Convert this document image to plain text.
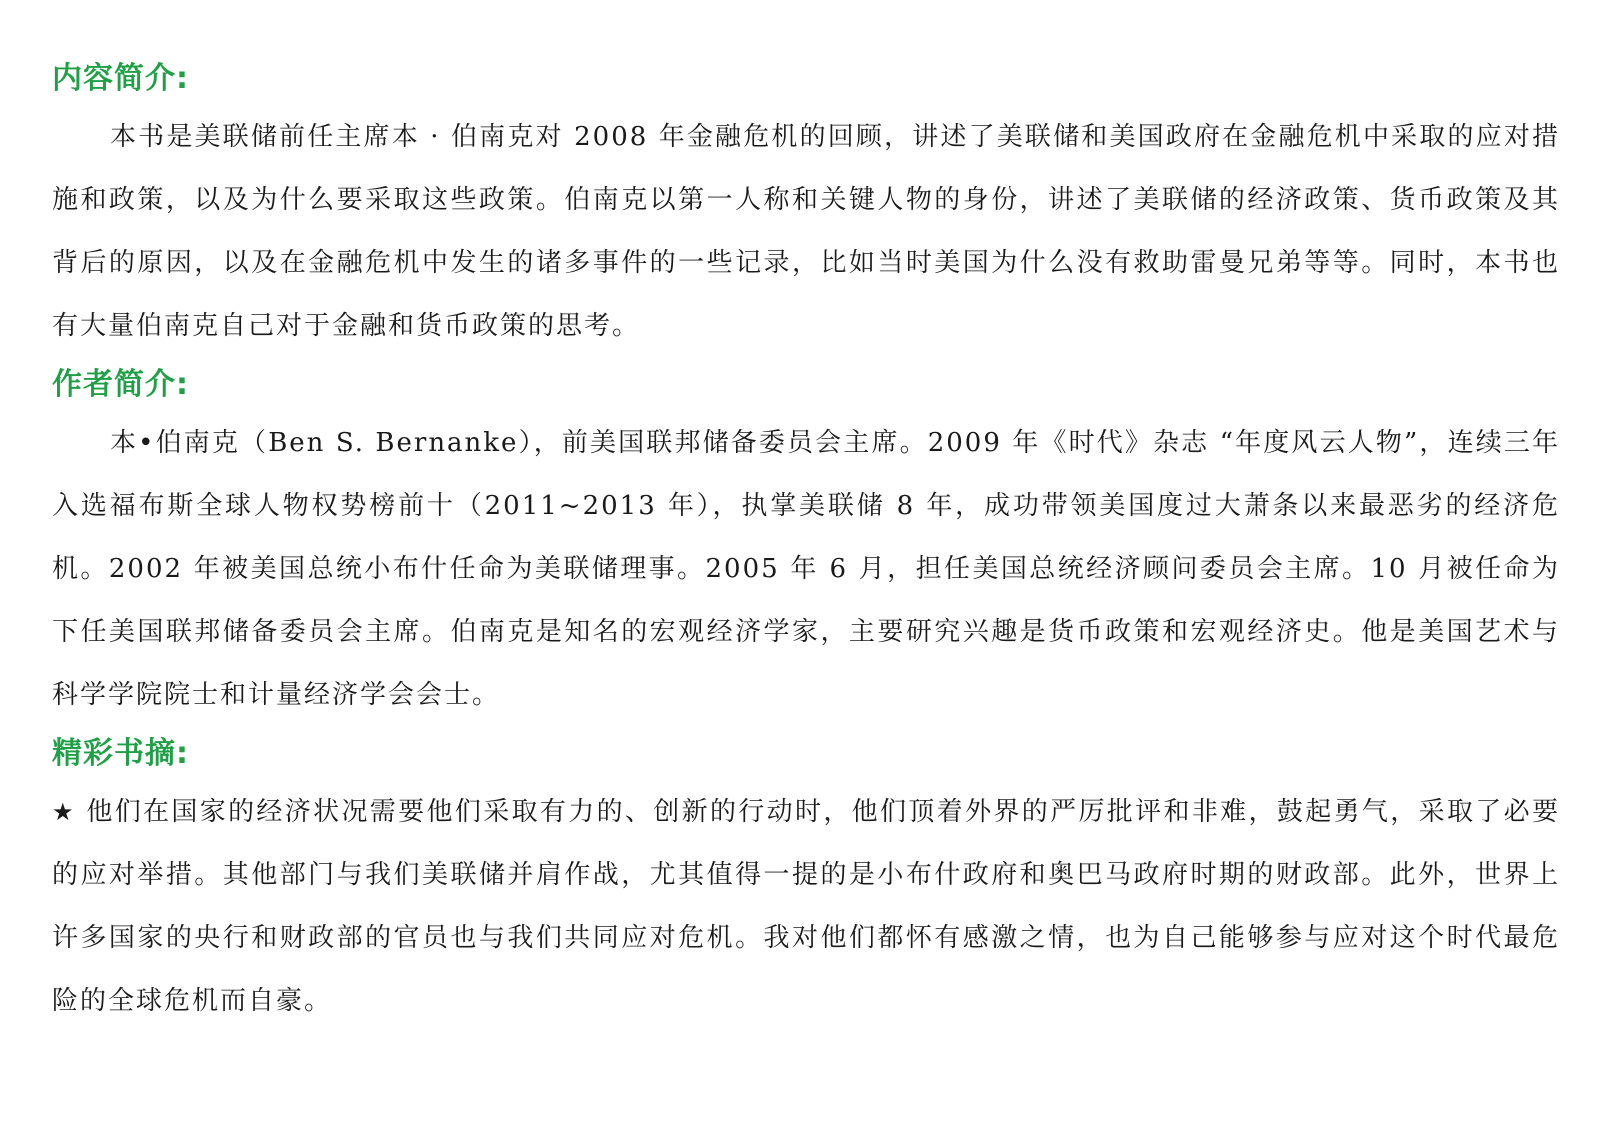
内容简介:

本书是美联储前任主席本 · 伯南克对 2008 年金融危机的回顾，讲述了美联储和美国政府在金融危机中采取的应对措施和政策，以及为什么要采取这些政策。伯南克以第一人称和关键人物的身份，讲述了美联储的经济政策、货币政策及其背后的原因，以及在金融危机中发生的诸多事件的一些记录，比如当时美国为什么没有救助雷曼兄弟等等。同时，本书也有大量伯南克自己对于金融和货币政策的思考。

作者简介:

本•伯南克（Ben S. Bernanke），前美国联邦储备委员会主席。2009 年《时代》杂志 “年度风云人物”，连续三年入选福布斯全球人物权势榜前十（2011~2013 年），执掌美联储 8 年，成功带领美国度过大萧条以来最恶劣的经济危机。2002 年被美国总统小布什任命为美联储理事。2005 年 6 月，担任美国总统经济顾问委员会主席。10 月被任命为下任美国联邦储备委员会主席。伯南克是知名的宏观经济学家，主要研究兴趣是货币政策和宏观经济史。他是美国艺术与科学学院院士和计量经济学会会士。

精彩书摘:

★ 他们在国家的经济状况需要他们采取有力的、创新的行动时，他们顶着外界的严厉批评和非难，鼓起勇气，采取了必要的应对举措。其他部门与我们美联储并肩作战，尤其值得一提的是小布什政府和奥巴马政府时期的财政部。此外，世界上许多国家的央行和财政部的官员也与我们共同应对危机。我对他们都怀有感激之情，也为自己能够参与应对这个时代最危险的全球危机而自豪。
